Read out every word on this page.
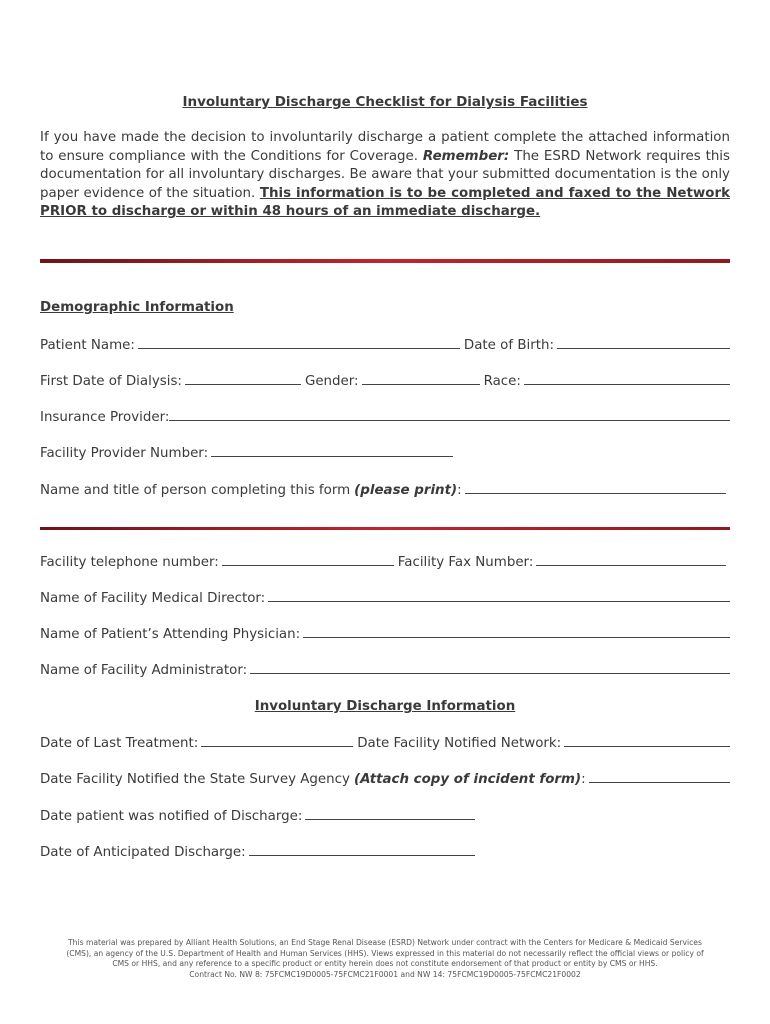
Involuntary Discharge Checklist for Dialysis Facilities
If you have made the decision to involuntarily discharge a patient complete the attached information to ensure compliance with the Conditions for Coverage. Remember: The ESRD Network requires this documentation for all involuntary discharges. Be aware that your submitted documentation is the only paper evidence of the situation. This information is to be completed and faxed to the Network PRIOR to discharge or within 48 hours of an immediate discharge.
Demographic Information
Patient Name:	Date of Birth:
First Date of Dialysis:	Gender:	Race:
Insurance Provider:
Facility Provider Number:
Name and title of person completing this form (please print) :
Facility telephone number:	Facility Fax Number:
Name of Facility Medical Director:
Name of Patient’s Attending Physician:
Name of Facility Administrator:
Involuntary Discharge Information
Date of Last Treatment:	Date Facility Notified Network:
Date Facility Notified the State Survey Agency (Attach copy of incident form) :
Date patient was notified of Discharge:
Date of Anticipated Discharge:
This material was prepared by Alliant Health Solutions, an End Stage Renal Disease (ESRD) Network under contract with the Centers for Medicare & Medicaid Services
(CMS), an agency of the U.S. Department of Health and Human Services (HHS). Views expressed in this material do not necessarily reflect the official views or policy of
CMS or HHS, and any reference to a specific product or entity herein does not constitute endorsement of that product or entity by CMS or HHS.
Contract No. NW 8: 75FCMC19D0005-75FCMC21F0001 and NW 14: 75FCMC19D0005-75FCMC21F0002
